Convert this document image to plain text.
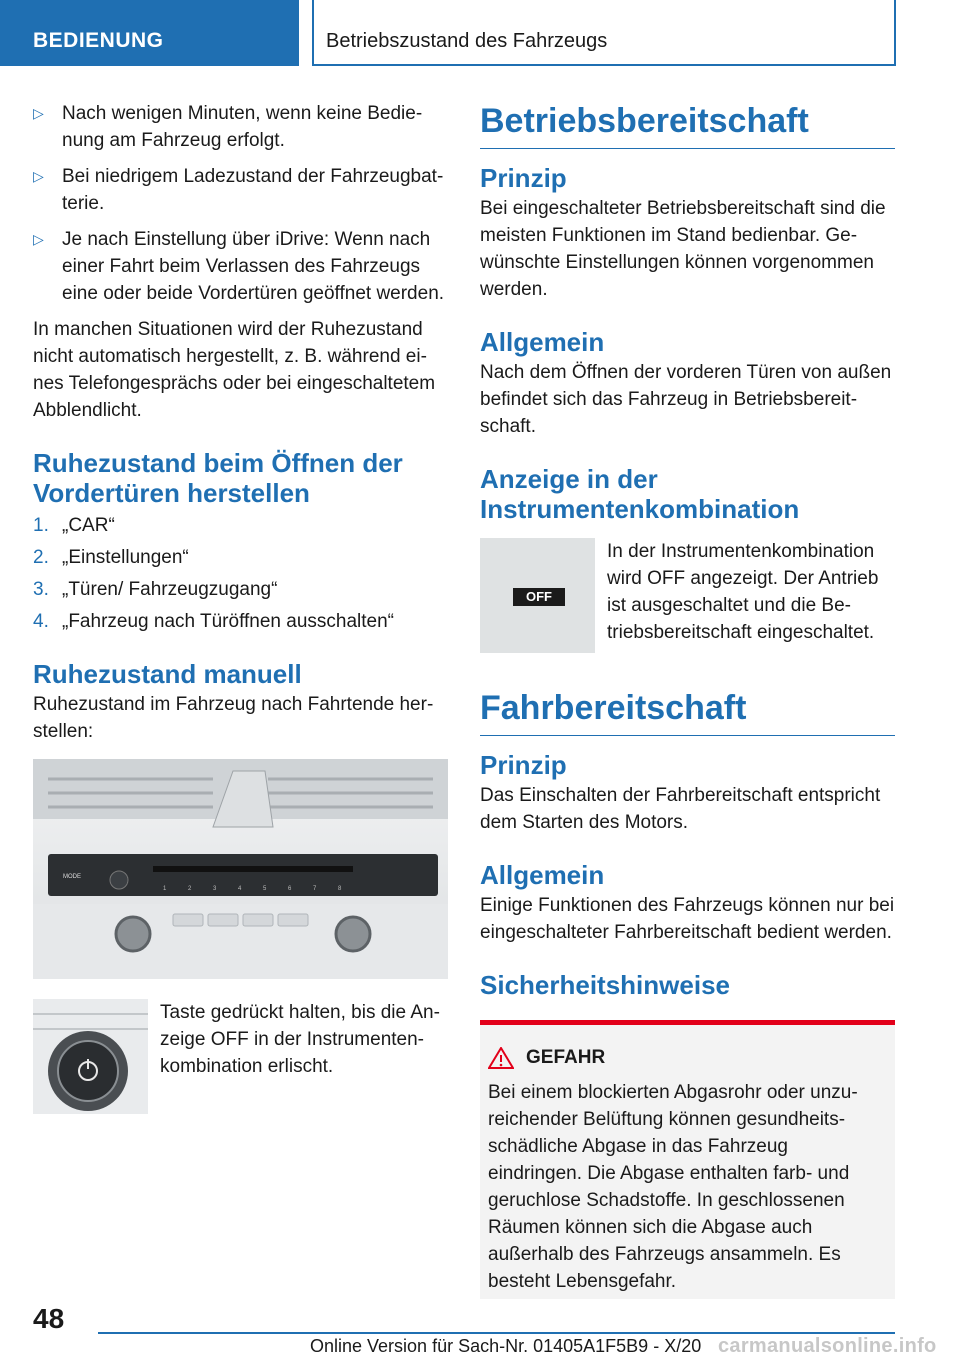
BEDIENUNG	Betriebszustand des Fahrzeugs
▷ Nach wenigen Minuten, wenn keine Bedienung am Fahrzeug erfolgt.
▷ Bei niedrigem Ladezustand der Fahrzeugbatterie.
▷ Je nach Einstellung über iDrive: Wenn nach einer Fahrt beim Verlassen des Fahrzeugs eine oder beide Vordertüren geöffnet werden.

In manchen Situationen wird der Ruhezustand nicht automatisch hergestellt, z. B. während eines Telefongesprächs oder bei eingeschaltetem Abblendlicht.

Ruhezustand beim Öffnen der Vordertüren herstellen
1. „CAR“
2. „Einstellungen“
3. „Türen/ Fahrzeugzugang“
4. „Fahrzeug nach Türöffnen ausschalten“
Ruhezustand manuell

Ruhezustand im Fahrzeug nach Fahrtende herstellen:

MODE
1	2	3	4	5	6	7	8

Taste gedrückt halten, bis die Anzeige OFF in der Instrumentenkombination erlischt.

Betriebsbereitschaft
Prinzip

Bei eingeschalteter Betriebsbereitschaft sind die meisten Funktionen im Stand bedienbar. Gewünschte Einstellungen können vorgenommen werden.

Allgemein

Nach dem Öffnen der vorderen Türen von außen befindet sich das Fahrzeug in Betriebsbereitschaft.

Anzeige in der Instrumentenkombination
OFF

In der Instrumentenkombination wird OFF angezeigt. Der Antrieb ist ausgeschaltet und die Betriebsbereitschaft eingeschaltet.

Fahrbereitschaft
Prinzip

Das Einschalten der Fahrbereitschaft entspricht dem Starten des Motors.

Allgemein

Einige Funktionen des Fahrzeugs können nur bei eingeschalteter Fahrbereitschaft bedient werden.

Sicherheitshinweise
GEFAHR

Bei einem blockierten Abgasrohr oder unzureichender Belüftung können gesundheitsschädliche Abgase in das Fahrzeug eindringen. Die Abgase enthalten farb- und geruchlose Schadstoffe. In geschlossenen Räumen können sich die Abgase auch außerhalb des Fahrzeugs ansammeln. Es besteht Lebensgefahr.

48
Online Version für Sach-Nr. 01405A1F5B9 - X/20 carmanualsonline.info
